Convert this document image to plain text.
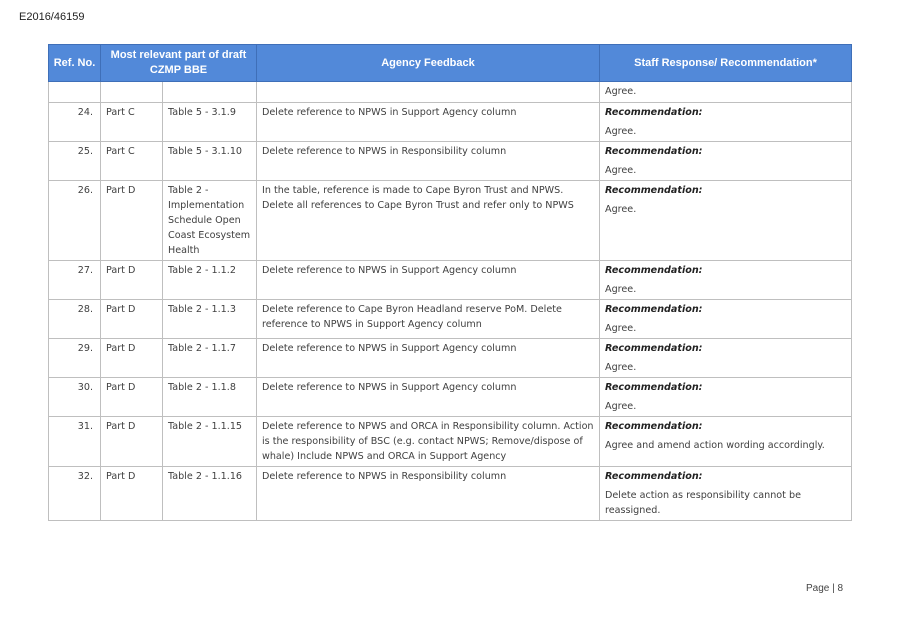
E2016/46159
Ref. No.	Most relevant part of draft CZMP BBE		Agency Feedback	Staff Response/ Recommendation*
				Agree.
24.	Part C	Table 5 - 3.1.9	Delete reference to NPWS in Support Agency column	Recommendation:
Agree.

25.	Part C	Table 5 - 3.1.10	Delete reference to NPWS in Responsibility column	Recommendation:
Agree.

26.	Part D	Table 2 - Implementation Schedule Open Coast Ecosystem Health	In the table, reference is made to Cape Byron Trust and NPWS. Delete all references to Cape Byron Trust and refer only to NPWS	Recommendation:
Agree.

27.	Part D	Table 2 - 1.1.2	Delete reference to NPWS in Support Agency column	Recommendation:
Agree.

28.	Part D	Table 2 - 1.1.3	Delete reference to Cape Byron Headland reserve PoM. Delete reference to NPWS in Support Agency column	Recommendation:
Agree.

29.	Part D	Table 2 - 1.1.7	Delete reference to NPWS in Support Agency column	Recommendation:
Agree.

30.	Part D	Table 2 - 1.1.8	Delete reference to NPWS in Support Agency column	Recommendation:
Agree.

31.	Part D	Table 2 - 1.1.15	Delete reference to NPWS and ORCA in Responsibility column. Action is the responsibility of BSC (e.g. contact NPWS; Remove/dispose of whale) Include NPWS and ORCA in Support Agency	Recommendation:
Agree and amend action wording accordingly.

32.	Part D	Table 2 - 1.1.16	Delete reference to NPWS in Responsibility column	Recommendation:
Delete action as responsibility cannot be reassigned.
Page | 8
